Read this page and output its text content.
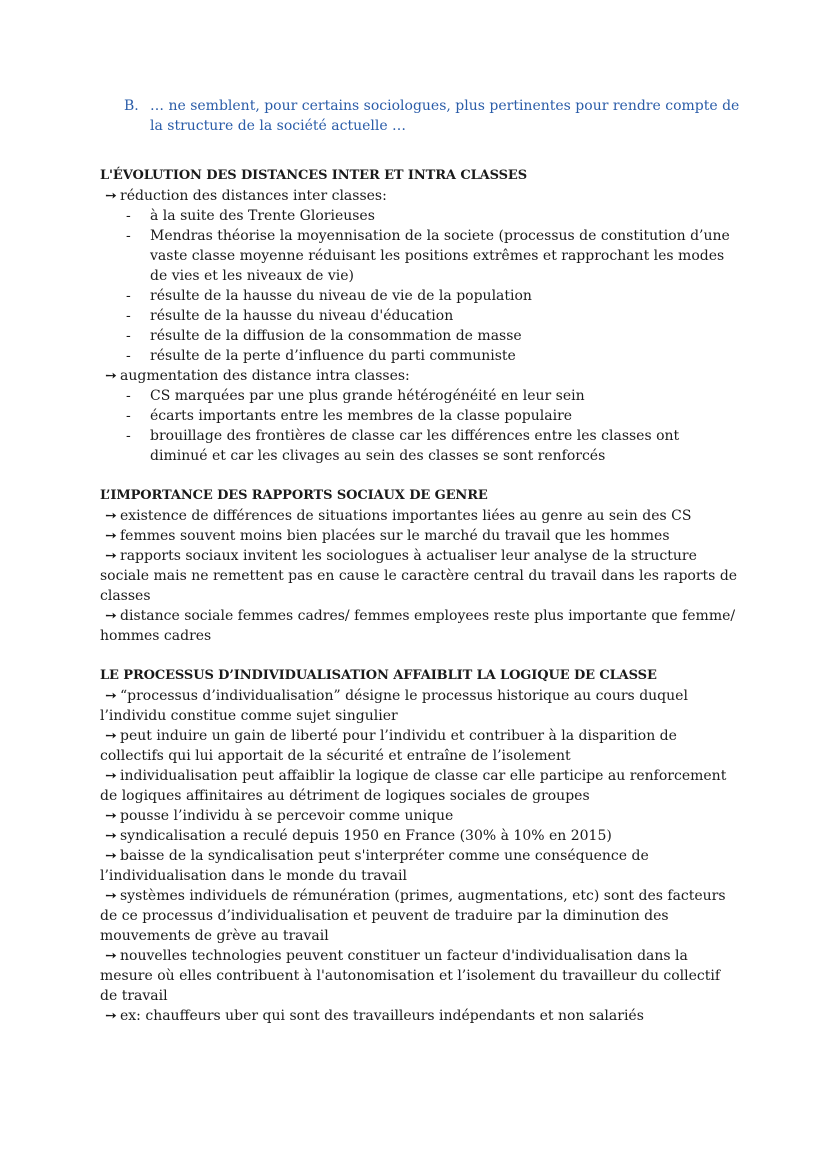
B. … ne semblent, pour certains sociologues, plus pertinentes pour rendre compte de la structure de la société actuelle …
L'ÉVOLUTION DES DISTANCES INTER ET INTRA CLASSES
➙ réduction des distances inter classes:
- à la suite des Trente Glorieuses
- Mendras théorise la moyennisation de la societe (processus de constitution d’une vaste classe moyenne réduisant les positions extrêmes et rapprochant les modes de vies et les niveaux de vie)
- résulte de la hausse du niveau de vie de la population
- résulte de la hausse du niveau d'éducation
- résulte de la diffusion de la consommation de masse
- résulte de la perte d’influence du parti communiste
➙ augmentation des distance intra classes:
- CS marquées par une plus grande hétérogénéité en leur sein
- écarts importants entre les membres de la classe populaire
- brouillage des frontières de classe car les différences entre les classes ont diminué et car les clivages au sein des classes se sont renforcés
L’IMPORTANCE DES RAPPORTS SOCIAUX DE GENRE
➙ existence de différences de situations importantes liées au genre au sein des CS
➙ femmes souvent moins bien placées sur le marché du travail que les hommes
➙ rapports sociaux invitent les sociologues à actualiser leur analyse de la structure sociale mais ne remettent pas en cause le caractère central du travail dans les raports de classes
➙ distance sociale femmes cadres/ femmes employees reste plus importante que femme/ hommes cadres
LE PROCESSUS D’INDIVIDUALISATION AFFAIBLIT LA LOGIQUE DE CLASSE
➙ “processus d’individualisation” désigne le processus historique au cours duquel l’individu constitue comme sujet singulier
➙ peut induire un gain de liberté pour l’individu et contribuer à la disparition de collectifs qui lui apportait de la sécurité et entraîne de l’isolement
➙ individualisation peut affaiblir la logique de classe car elle participe au renforcement de logiques affinitaires au détriment de logiques sociales de groupes
➙ pousse l’individu à se percevoir comme unique
➙ syndicalisation a reculé depuis 1950 en France (30% à 10% en 2015)
➙ baisse de la syndicalisation peut s'interpréter comme une conséquence de l’individualisation dans le monde du travail
➙ systèmes individuels de rémunération (primes, augmentations, etc) sont des facteurs de ce processus d’individualisation et peuvent de traduire par la diminution des mouvements de grève au travail
➙ nouvelles technologies peuvent constituer un facteur d'individualisation dans la mesure où elles contribuent à l'autonomisation et l’isolement du travailleur du collectif de travail
➙ ex: chauffeurs uber qui sont des travailleurs indépendants et non salariés
